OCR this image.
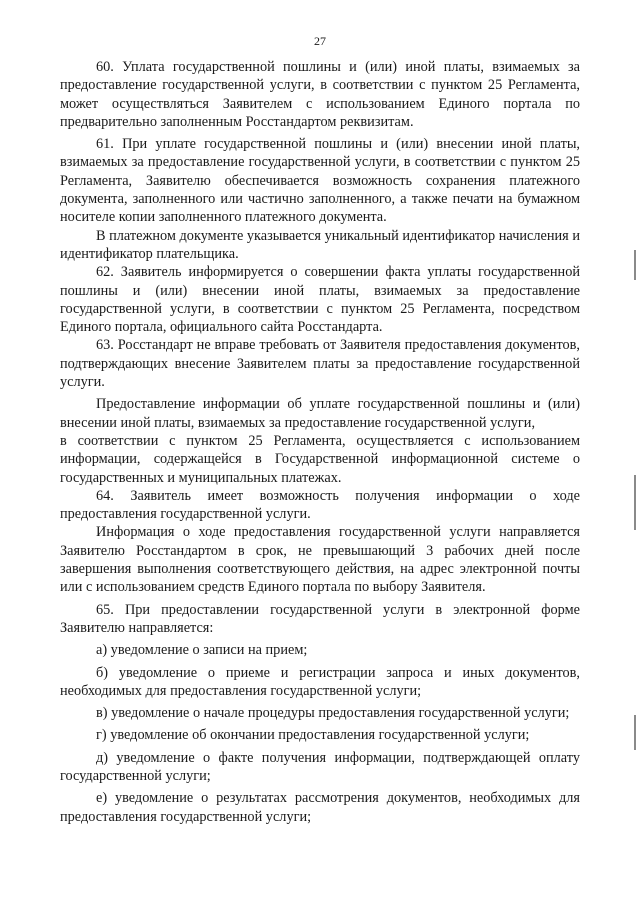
27

60. Уплата государственной пошлины и (или) иной платы, взимаемых за предоставление государственной услуги, в соответствии с пунктом 25 Регламента, может осуществляться Заявителем с использованием Единого портала по предварительно заполненным Росстандартом реквизитам.

61. При уплате государственной пошлины и (или) внесении иной платы, взимаемых за предоставление государственной услуги, в соответствии с пунктом 25 Регламента, Заявителю обеспечивается возможность сохранения платежного документа, заполненного или частично заполненного, а также печати на бумажном носителе копии заполненного платежного документа.

В платежном документе указывается уникальный идентификатор начисления и идентификатор плательщика.

62. Заявитель информируется о совершении факта уплаты государственной пошлины и (или) внесении иной платы, взимаемых за предоставление государственной услуги, в соответствии с пунктом 25 Регламента, посредством Единого портала, официального сайта Росстандарта.

63. Росстандарт не вправе требовать от Заявителя предоставления документов, подтверждающих внесение Заявителем платы за предоставление государственной услуги.

Предоставление информации об уплате государственной пошлины и (или) внесении иной платы, взимаемых за предоставление государственной услуги,

в соответствии с пунктом 25 Регламента, осуществляется с использованием информации, содержащейся в Государственной информационной системе о государственных и муниципальных платежах.

64. Заявитель имеет возможность получения информации о ходе предоставления государственной услуги.

Информация о ходе предоставления государственной услуги направляется Заявителю Росстандартом в срок, не превышающий 3 рабочих дней после завершения выполнения соответствующего действия, на адрес электронной почты или с использованием средств Единого портала по выбору Заявителя.

65. При предоставлении государственной услуги в электронной форме Заявителю направляется:

а) уведомление о записи на прием;

б) уведомление о приеме и регистрации запроса и иных документов, необходимых для предоставления государственной услуги;

в) уведомление о начале процедуры предоставления государственной услуги;

г) уведомление об окончании предоставления государственной услуги;

д) уведомление о факте получения информации, подтверждающей оплату государственной услуги;

е) уведомление о результатах рассмотрения документов, необходимых для предоставления государственной услуги;
